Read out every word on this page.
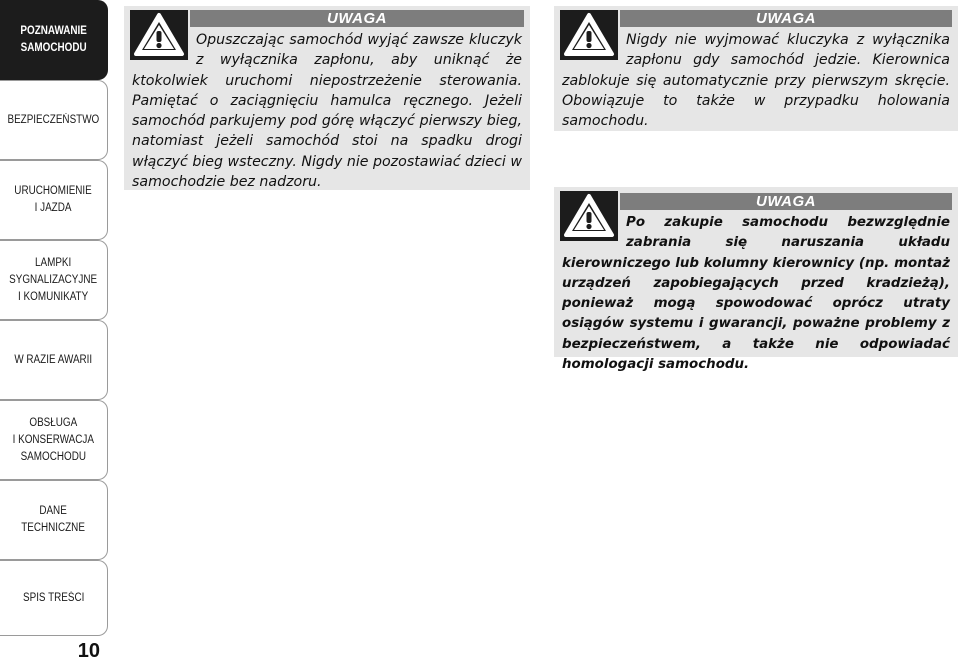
POZNAWANIE
SAMOCHODU
BEZPIECZEŃSTWO
URUCHOMIENIE
I JAZDA
LAMPKI
SYGNALIZACYJNE
I KOMUNIKATY
W RAZIE AWARII
OBSŁUGA
I KONSERWACJA
SAMOCHODU
DANE
TECHNICZNE
SPIS TREŚCI
10
UWAGA

Opuszczając samochód wyjąć zawsze kluczyk z wyłącznika zapłonu, aby uniknąć że ktokolwiek uruchomi niepostrzeżenie sterowania. Pamiętać o zaciągnięciu hamulca ręcznego. Jeżeli samochód parkujemy pod górę włączyć pierwszy bieg, natomiast jeżeli samochód stoi na spadku drogi włączyć bieg wsteczny. Nigdy nie pozostawiać dzieci w samochodzie bez nadzoru.

UWAGA

Nigdy nie wyjmować kluczyka z wyłącznika zapłonu gdy samochód jedzie. Kierownica zablokuje się automatycznie przy pierwszym skręcie. Obowiązuje to także w przypadku holowania samochodu.

UWAGA

Po zakupie samochodu bezwzględnie zabrania się naruszania układu kierowniczego lub kolumny kierownicy (np. montaż urządzeń zapobiegających przed kradzieżą), ponieważ mogą spowodować oprócz utraty osiągów systemu i gwarancji, poważne problemy z bezpieczeństwem, a także nie odpowiadać homologacji samochodu.
